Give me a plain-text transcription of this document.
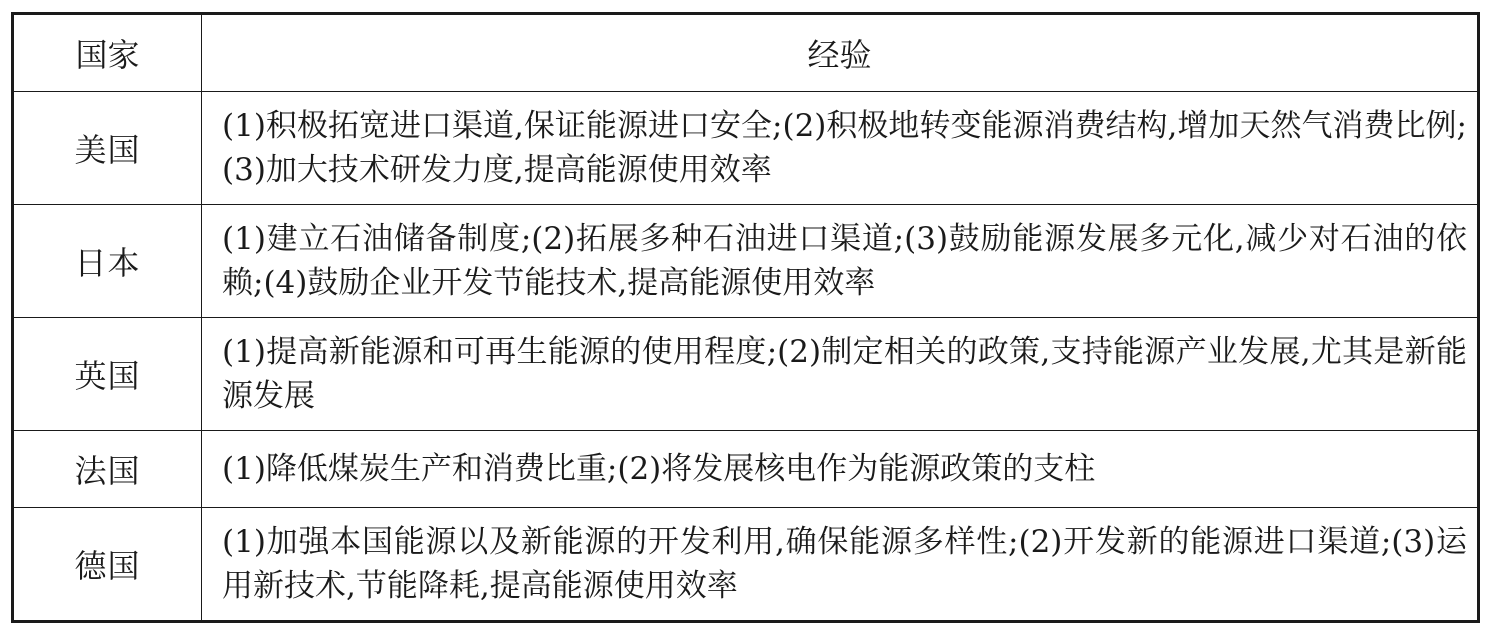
国家	经验
美国	(1)积极拓宽进口渠道,保证能源进口安全;(2)积极地转变能源消费结构,增加天然气消费比例;(3)加大技术研发力度,提高能源使用效率
日本	(1)建立石油储备制度;(2)拓展多种石油进口渠道;(3)鼓励能源发展多元化,减少对石油的依赖;(4)鼓励企业开发节能技术,提高能源使用效率
英国	(1)提高新能源和可再生能源的使用程度;(2)制定相关的政策,支持能源产业发展,尤其是新能源发展
法国	(1)降低煤炭生产和消费比重;(2)将发展核电作为能源政策的支柱
德国	(1)加强本国能源以及新能源的开发利用,确保能源多样性;(2)开发新的能源进口渠道;(3)运用新技术,节能降耗,提高能源使用效率
